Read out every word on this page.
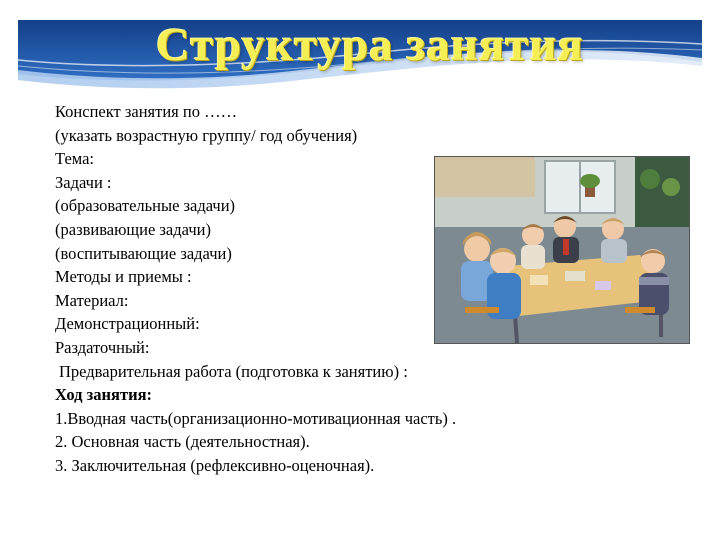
Структура занятия
Конспект занятия по ……
(указать возрастную группу/ год обучения)
Тема:
Задачи :
(образовательные задачи)
(развивающие задачи)
(воспитывающие задачи)
Методы и приемы :
Материал:
Демонстрационный:
Раздаточный:
Предварительная работа (подготовка к занятию) :
Ход занятия:
1.Вводная часть(организационно-мотивационная часть) .
2. Основная часть (деятельностная).
3. Заключительная (рефлексивно-оценочная).
